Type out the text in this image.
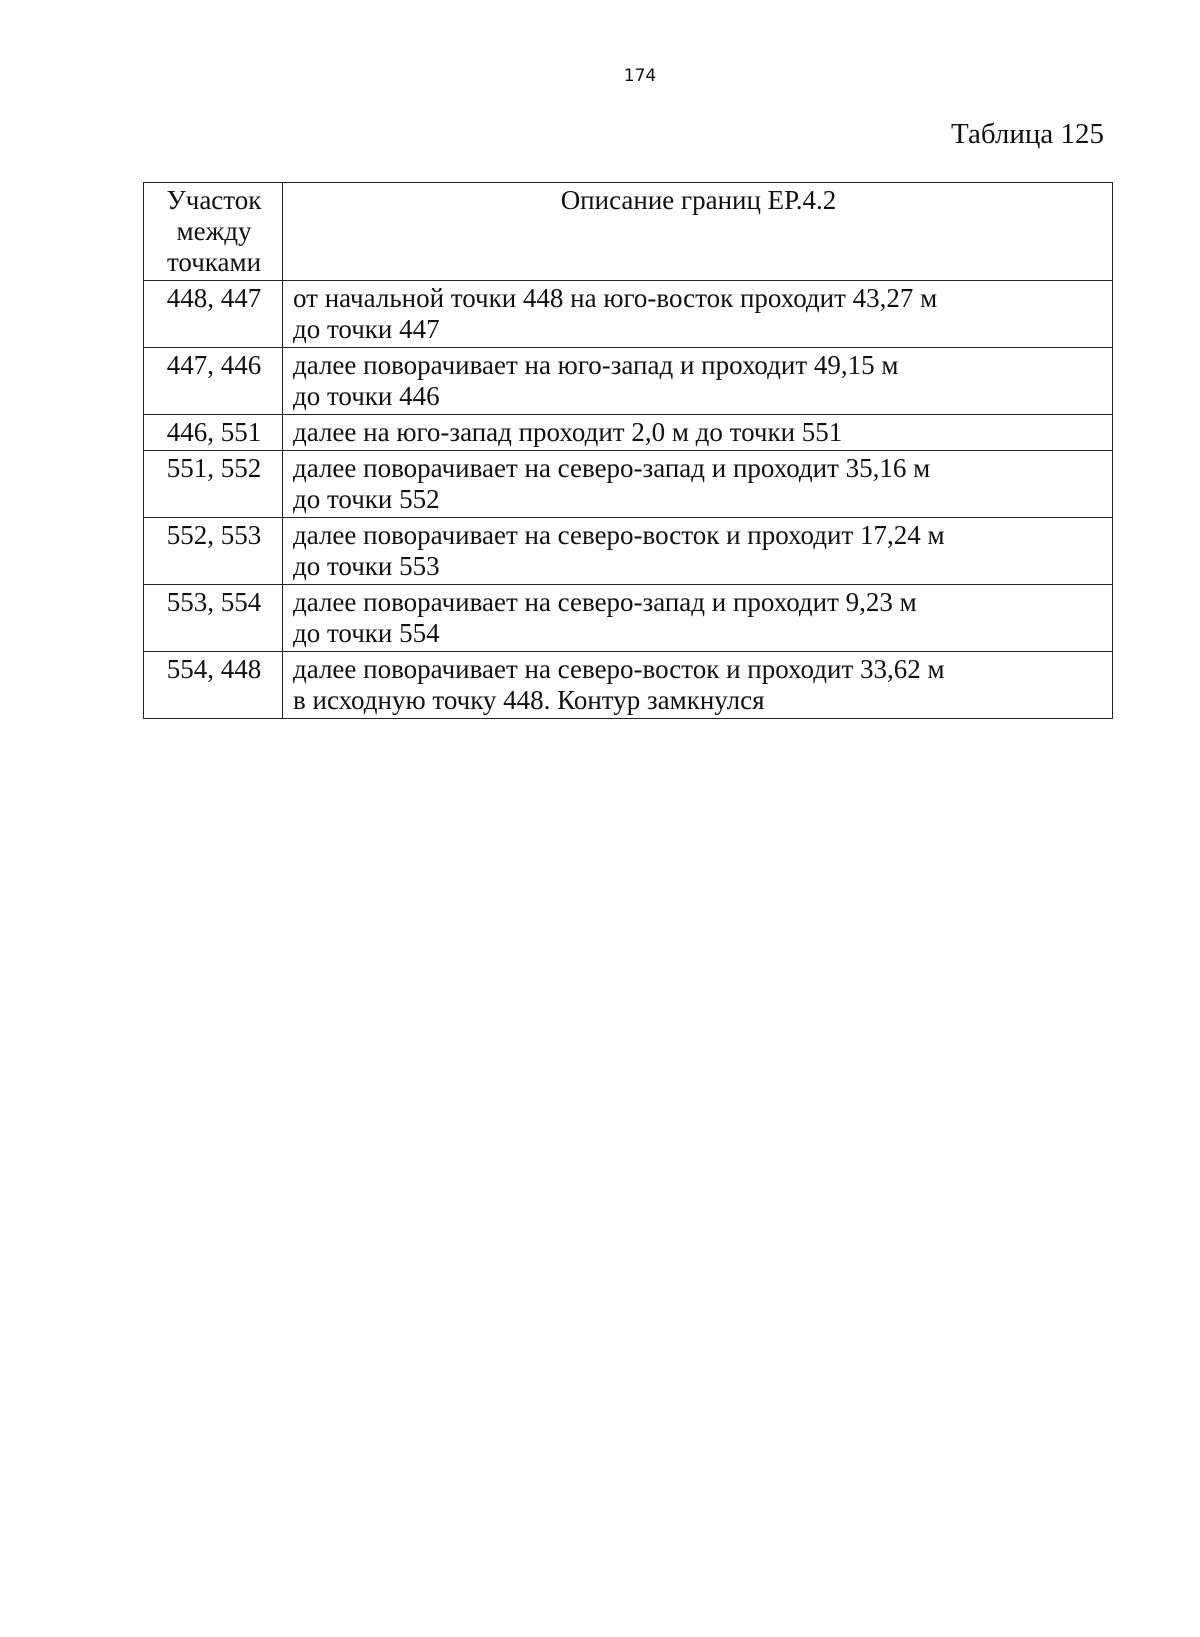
174
Таблица 125
Участок
между
точками	Описание границ ЕР.4.2
448, 447	от начальной точки 448 на юго-восток проходит 43,27 м
до точки 447

447, 446	далее поворачивает на юго-запад и проходит 49,15 м
до точки 446

446, 551	далее на юго-запад проходит 2,0 м до точки 551

551, 552	далее поворачивает на северо-запад и проходит 35,16 м
до точки 552

552, 553	далее поворачивает на северо-восток и проходит 17,24 м
до точки 553

553, 554	далее поворачивает на северо-запад и проходит 9,23 м
до точки 554

554, 448	далее поворачивает на северо-восток и проходит 33,62 м
в исходную точку 448. Контур замкнулся
